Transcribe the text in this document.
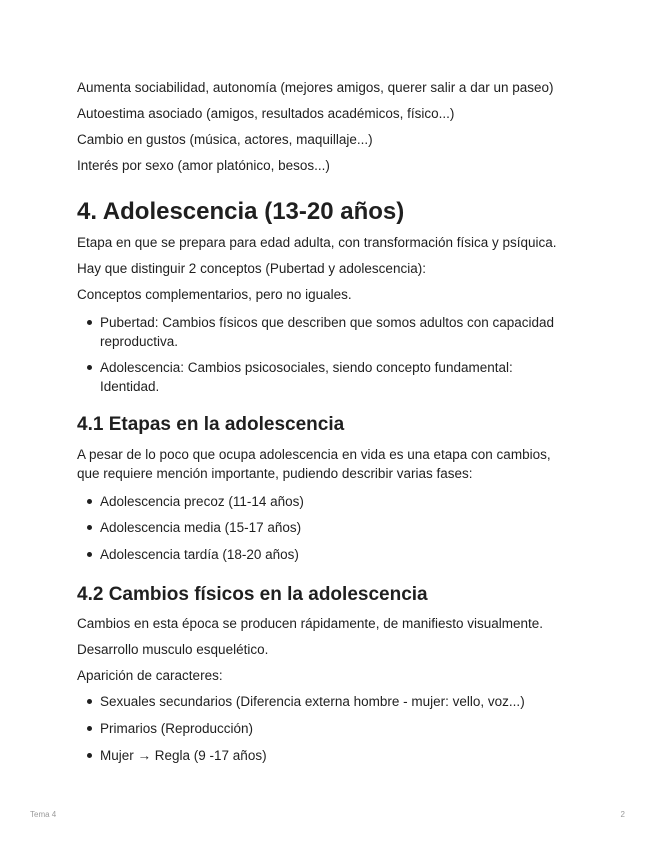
Aumenta sociabilidad, autonomía (mejores amigos, querer salir a dar un paseo)
Autoestima asociado (amigos, resultados académicos, físico...)
Cambio en gustos (música, actores, maquillaje...)
Interés por sexo (amor platónico, besos...)
4. Adolescencia (13-20 años)
Etapa en que se prepara para edad adulta, con transformación física y psíquica.
Hay que distinguir 2 conceptos (Pubertad y adolescencia):
Conceptos complementarios, pero no iguales.
Pubertad: Cambios físicos que describen que somos adultos con capacidad reproductiva.
Adolescencia: Cambios psicosociales, siendo concepto fundamental: Identidad.
4.1 Etapas en la adolescencia
A pesar de lo poco que ocupa adolescencia en vida es una etapa con cambios, que requiere mención importante, pudiendo describir varias fases:
Adolescencia precoz (11-14 años)
Adolescencia media (15-17 años)
Adolescencia tardía (18-20 años)
4.2 Cambios físicos en la adolescencia
Cambios en esta época se producen rápidamente, de manifiesto visualmente.
Desarrollo musculo esquelético.
Aparición de caracteres:
Sexuales secundarios (Diferencia externa hombre - mujer: vello, voz...)
Primarios (Reproducción)
Mujer → Regla (9 -17 años)
Tema 4	2
